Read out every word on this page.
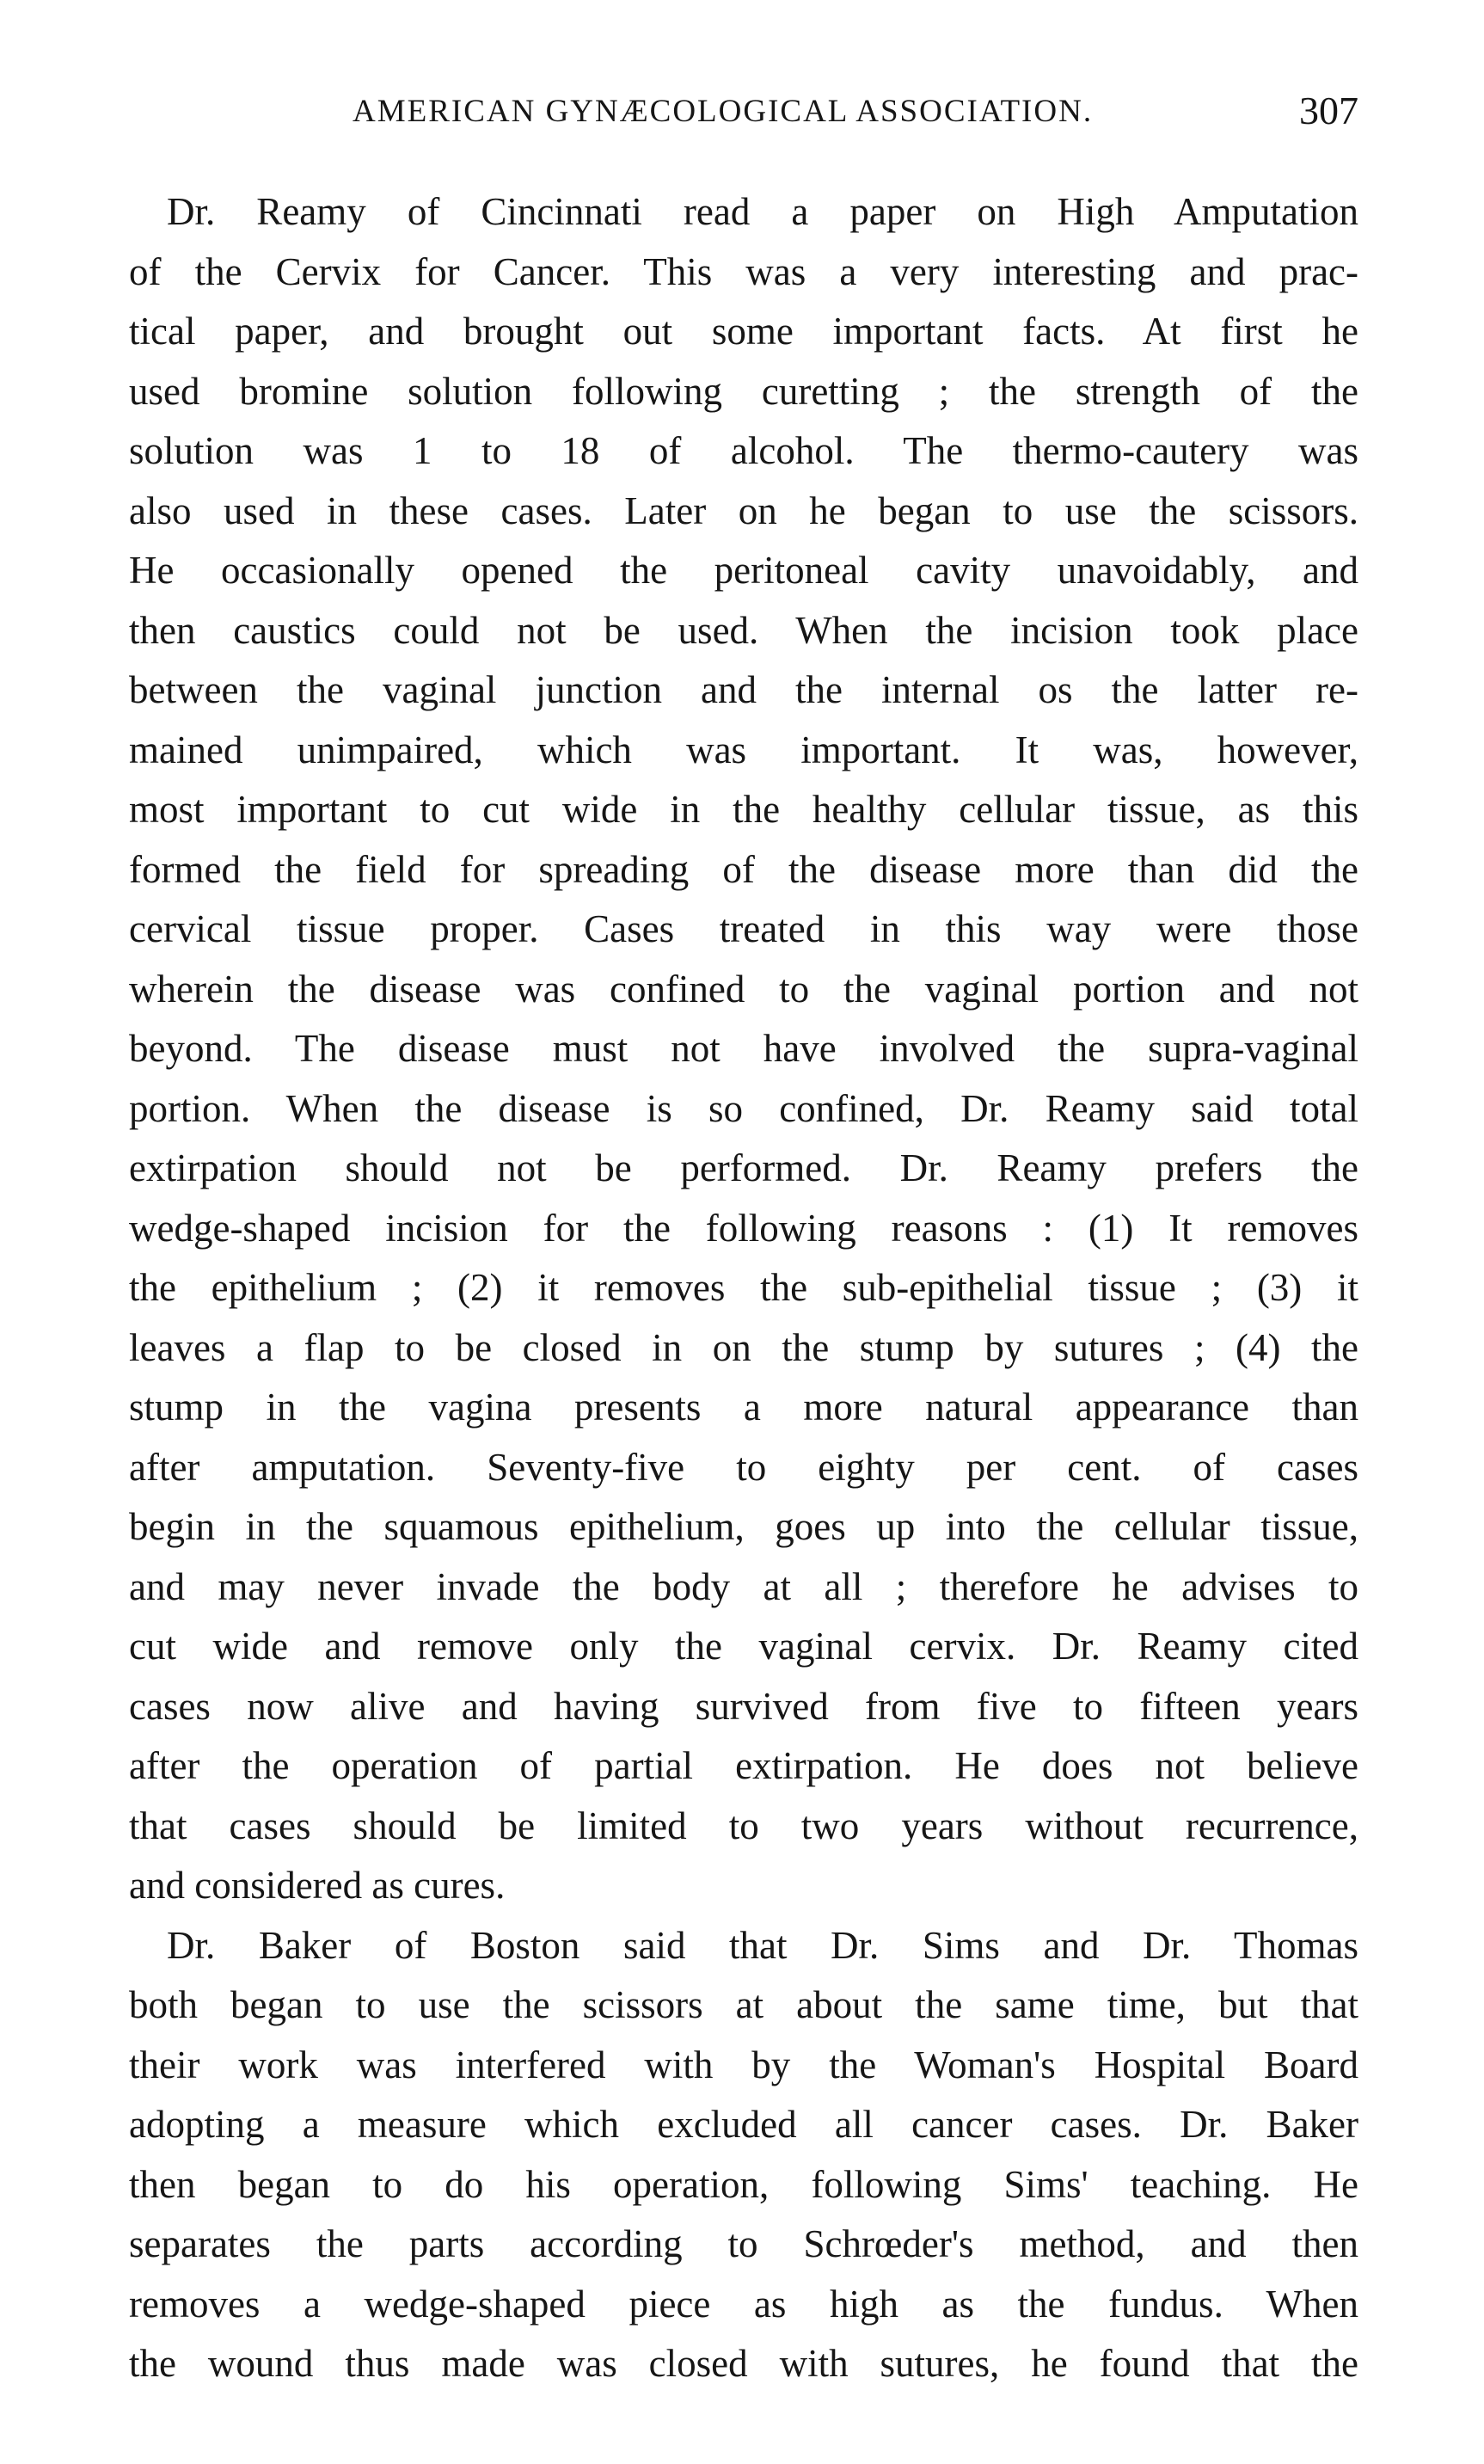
AMERICAN GYNÆCOLOGICAL ASSOCIATION.	307
Dr. Reamy of Cincinnati read a paper on High Amputation
of the Cervix for Cancer. This was a very interesting and prac-
tical paper, and brought out some important facts. At first he
used bromine solution following curetting ; the strength of the
solution was 1 to 18 of alcohol. The thermo-cautery was
also used in these cases. Later on he began to use the scissors.
He occasionally opened the peritoneal cavity unavoidably, and
then caustics could not be used. When the incision took place
between the vaginal junction and the internal os the latter re-
mained unimpaired, which was important. It was, however,
most important to cut wide in the healthy cellular tissue, as this
formed the field for spreading of the disease more than did the
cervical tissue proper. Cases treated in this way were those
wherein the disease was confined to the vaginal portion and not
beyond. The disease must not have involved the supra-vaginal
portion. When the disease is so confined, Dr. Reamy said total
extirpation should not be performed. Dr. Reamy prefers the
wedge-shaped incision for the following reasons : (1) It removes
the epithelium ; (2) it removes the sub-epithelial tissue ; (3) it
leaves a flap to be closed in on the stump by sutures ; (4) the
stump in the vagina presents a more natural appearance than
after amputation. Seventy-five to eighty per cent. of cases
begin in the squamous epithelium, goes up into the cellular tissue,
and may never invade the body at all ; therefore he advises to
cut wide and remove only the vaginal cervix. Dr. Reamy cited
cases now alive and having survived from five to fifteen years
after the operation of partial extirpation. He does not believe
that cases should be limited to two years without recurrence,
and considered as cures.
Dr. Baker of Boston said that Dr. Sims and Dr. Thomas
both began to use the scissors at about the same time, but that
their work was interfered with by the Woman's Hospital Board
adopting a measure which excluded all cancer cases. Dr. Baker
then began to do his operation, following Sims' teaching. He
separates the parts according to Schrœder's method, and then
removes a wedge-shaped piece as high as the fundus. When
the wound thus made was closed with sutures, he found that the
